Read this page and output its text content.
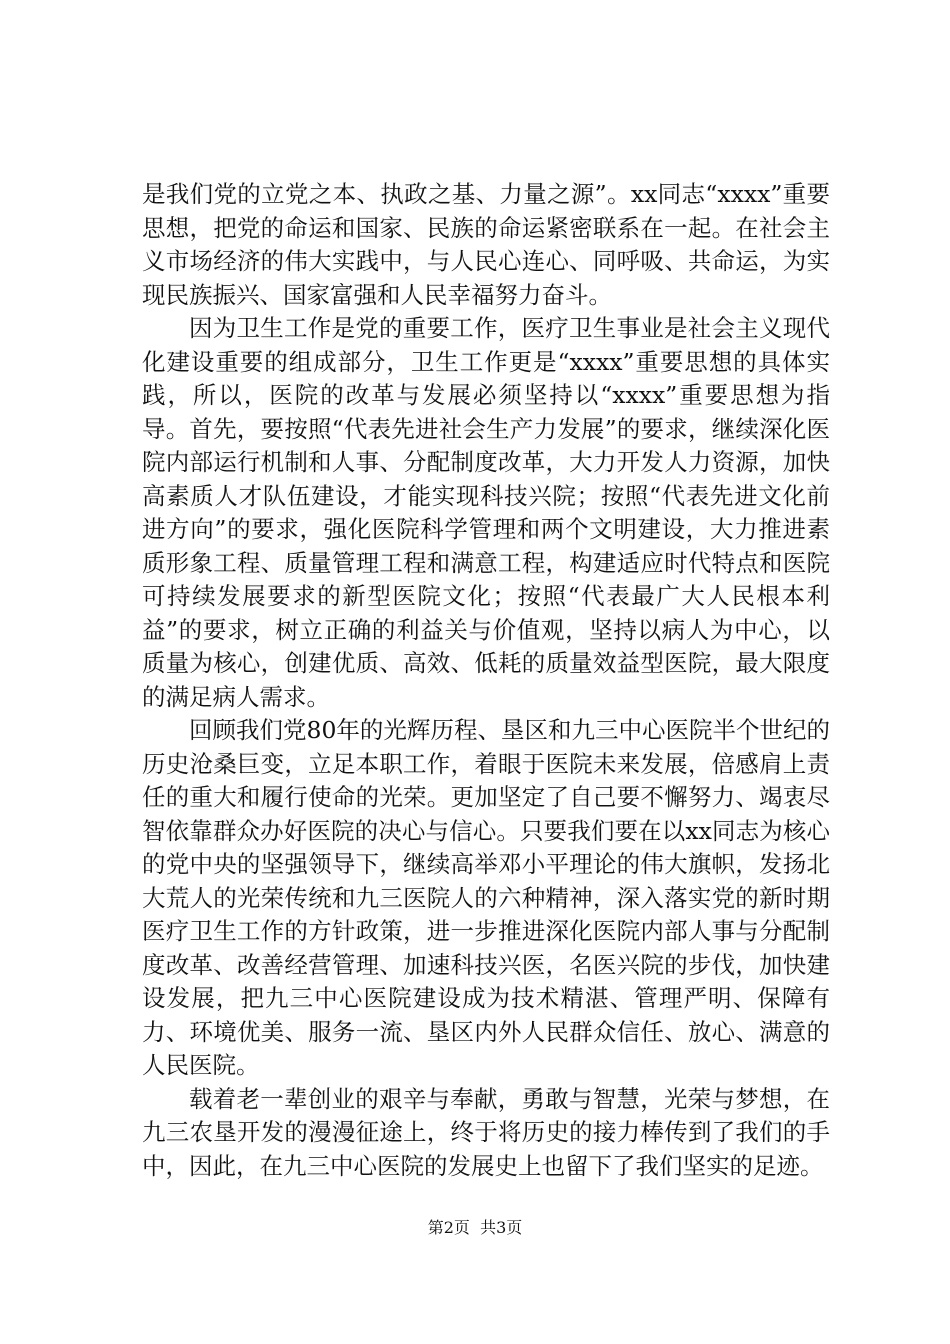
是我们党的立党之本、执政之基、力量之源”。xx同志“xxxx”重要思想，把党的命运和国家、民族的命运紧密联系在一起。在社会主义市场经济的伟大实践中，与人民心连心、同呼吸、共命运，为实现民族振兴、国家富强和人民幸福努力奋斗。

因为卫生工作是党的重要工作，医疗卫生事业是社会主义现代化建设重要的组成部分，卫生工作更是“xxxx”重要思想的具体实践，所以，医院的改革与发展必须坚持以“xxxx”重要思想为指导。首先，要按照“代表先进社会生产力发展”的要求，继续深化医院内部运行机制和人事、分配制度改革，大力开发人力资源，加快高素质人才队伍建设，才能实现科技兴院；按照“代表先进文化前进方向”的要求，强化医院科学管理和两个文明建设，大力推进素质形象工程、质量管理工程和满意工程，构建适应时代特点和医院可持续发展要求的新型医院文化；按照“代表最广大人民根本利益”的要求，树立正确的利益关与价值观，坚持以病人为中心，以质量为核心，创建优质、高效、低耗的质量效益型医院，最大限度的满足病人需求。

回顾我们党80年的光辉历程、垦区和九三中心医院半个世纪的历史沧桑巨变，立足本职工作，着眼于医院未来发展，倍感肩上责任的重大和履行使命的光荣。更加坚定了自己要不懈努力、竭衷尽智依靠群众办好医院的决心与信心。只要我们要在以xx同志为核心的党中央的坚强领导下，继续高举邓小平理论的伟大旗帜，发扬北大荒人的光荣传统和九三医院人的六种精神，深入落实党的新时期医疗卫生工作的方针政策，进一步推进深化医院内部人事与分配制度改革、改善经营管理、加速科技兴医，名医兴院的步伐，加快建设发展，把九三中心医院建设成为技术精湛、管理严明、保障有力、环境优美、服务一流、垦区内外人民群众信任、放心、满意的人民医院。

载着老一辈创业的艰辛与奉献，勇敢与智慧，光荣与梦想，在九三农垦开发的漫漫征途上，终于将历史的接力棒传到了我们的手中，因此，在九三中心医院的发展史上也留下了我们坚实的足迹。

第2页 共3页
